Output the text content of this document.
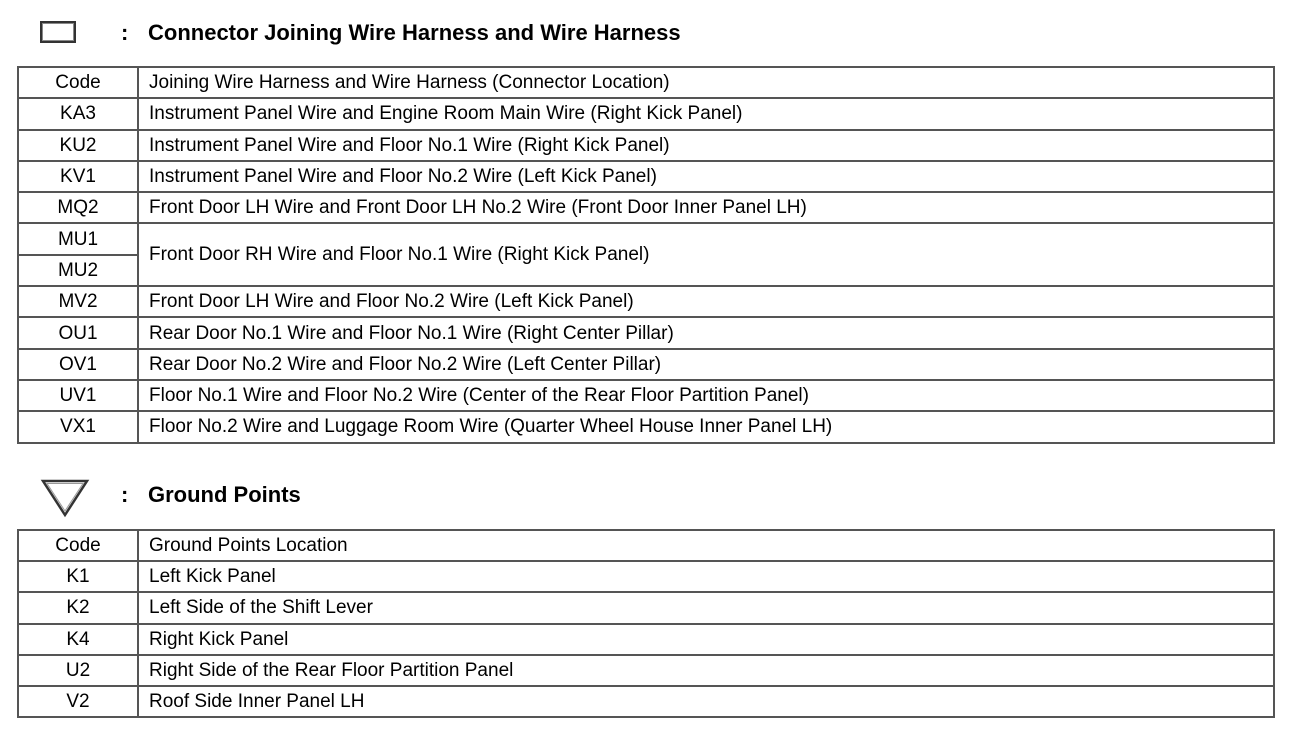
: Connector Joining Wire Harness and Wire Harness
Code	Joining Wire Harness and Wire Harness (Connector Location)
KA3	Instrument Panel Wire and Engine Room Main Wire (Right Kick Panel)
KU2	Instrument Panel Wire and Floor No.1 Wire (Right Kick Panel)
KV1	Instrument Panel Wire and Floor No.2 Wire (Left Kick Panel)
MQ2	Front Door LH Wire and Front Door LH No.2 Wire (Front Door Inner Panel LH)
MU1	Front Door RH Wire and Floor No.1 Wire (Right Kick Panel)
MU2	
MV2	Front Door LH Wire and Floor No.2 Wire (Left Kick Panel)
OU1	Rear Door No.1 Wire and Floor No.1 Wire (Right Center Pillar)
OV1	Rear Door No.2 Wire and Floor No.2 Wire (Left Center Pillar)
UV1	Floor No.1 Wire and Floor No.2 Wire (Center of the Rear Floor Partition Panel)
VX1	Floor No.2 Wire and Luggage Room Wire (Quarter Wheel House Inner Panel LH)
: Ground Points
Code	Ground Points Location
K1	Left Kick Panel
K2	Left Side of the Shift Lever
K4	Right Kick Panel
U2	Right Side of the Rear Floor Partition Panel
V2	Roof Side Inner Panel LH
